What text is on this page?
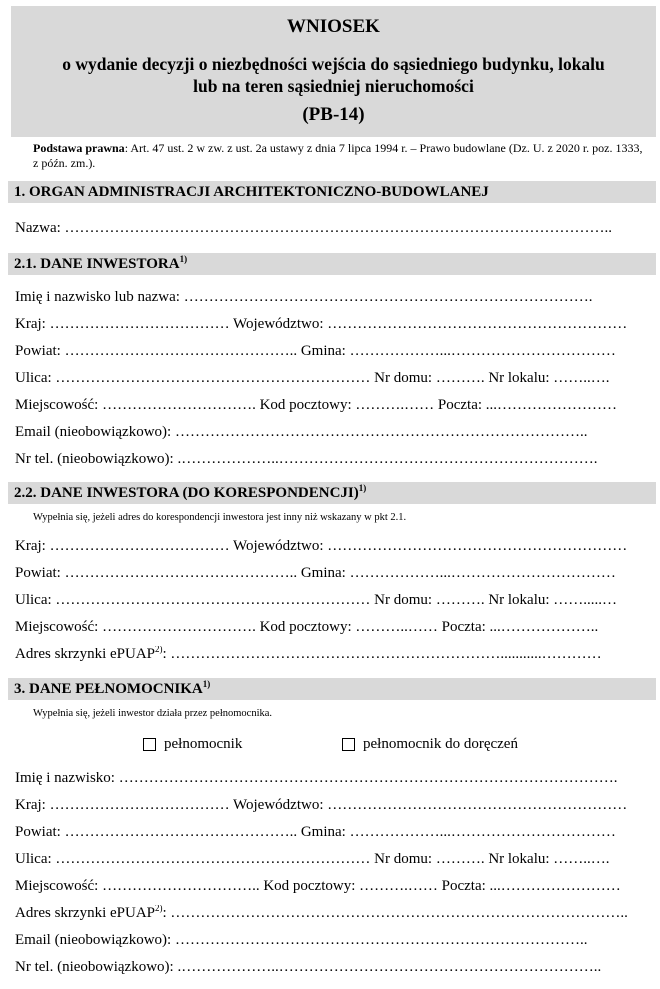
WNIOSEK
o wydanie decyzji o niezbędności wejścia do sąsiedniego budynku, lokalu
lub na teren sąsiedniej nieruchomości
(PB-14)
Podstawa prawna: Art. 47 ust. 2 w zw. z ust. 2a ustawy z dnia 7 lipca 1994 r. – Prawo budowlane (Dz. U. z 2020 r. poz. 1333, z późn. zm.).
1. ORGAN ADMINISTRACJI ARCHITEKTONICZNO-BUDOWLANEJ
Nazwa: ………………………………………………………………………………………………..
2.1. DANE INWESTORA$^{1)}$
Imię i nazwisko lub nazwa: ……………………………………………………………………….
Kraj: ……………………………… Województwo: ……………………………………………………
Powiat: ……………………………………….. Gmina: ………………...……………………………
Ulica: ……………………………………………………… Nr domu: ………. Nr lokalu: ……..….
Miejscowość: …………………………. Kod pocztowy: ……….…… Poczta: ...……………………
Email (nieobowiązkowo): ………………………………………………………………………..
Nr tel. (nieobowiązkowo): .………………..……………………………………………………….
2.2. DANE INWESTORA (DO KORESPONDENCJI)$^{1)}$
Wypełnia się, jeżeli adres do korespondencji inwestora jest inny niż wskazany w pkt 2.1.
Kraj: ……………………………… Województwo: ……………………………………………………
Powiat: ……………………………………….. Gmina: ………………...……………………………
Ulica: ……………………………………………………… Nr domu: ………. Nr lokalu: …….....…
Miejscowość: …………………………. Kod pocztowy: ………..…… Poczta: ...………………..
Adres skrzynki ePUAP$^{2)}$: …………………………………………………………...........…………
3. DANE PEŁNOMOCNIKA$^{1)}$
Wypełnia się, jeżeli inwestor działa przez pełnomocnika.
pełnomocnik	pełnomocnik do doręczeń
Imię i nazwisko: ……………………………………………………………………………………….
Kraj: ……………………………… Województwo: ……………………………………………………
Powiat: ……………………………………….. Gmina: ………………...……………………………
Ulica: ……………………………………………………… Nr domu: ………. Nr lokalu: ……..….
Miejscowość: ………………………….. Kod pocztowy: ……….…… Poczta: ...……………………
Adres skrzynki ePUAP$^{2)}$: ………………………………………………………………………………..
Email (nieobowiązkowo): ………………………………………………………………………..
Nr tel. (nieobowiązkowo): .………………..………………………………………………………..
